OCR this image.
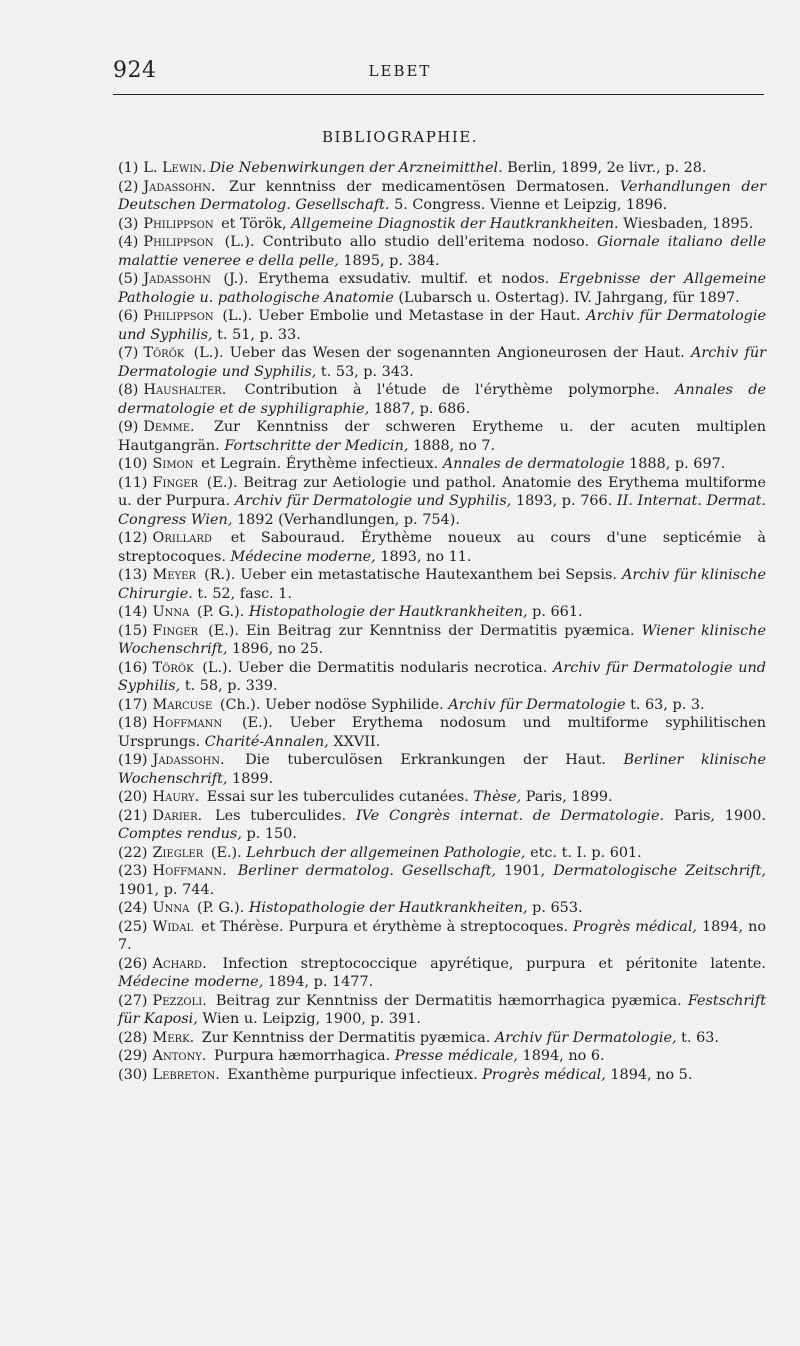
924	LEBET
BIBLIOGRAPHIE.
(1) L. Lewin. Die Nebenwirkungen der Arzneimitthel. Berlin, 1899, 2e livr., p. 28.
(2) Jadassohn. Zur kenntniss der medicamentösen Dermatosen. Verhandlungen der Deutschen Dermatolog. Gesellschaft. 5. Congress. Vienne et Leipzig, 1896.
(3) Philippson et Török, Allgemeine Diagnostik der Hautkrankheiten. Wiesbaden, 1895.
(4) Philippson (L.). Contributo allo studio dell'eritema nodoso. Giornale italiano delle malattie veneree e della pelle, 1895, p. 384.
(5) Jadassohn (J.). Erythema exsudativ. multif. et nodos. Ergebnisse der Allgemeine Pathologie u. pathologische Anatomie (Lubarsch u. Ostertag). IV. Jahrgang, für 1897.
(6) Philippson (L.). Ueber Embolie und Metastase in der Haut. Archiv für Dermatologie und Syphilis, t. 51, p. 33.
(7) Török (L.). Ueber das Wesen der sogenannten Angioneurosen der Haut. Archiv für Dermatologie und Syphilis, t. 53, p. 343.
(8) Haushalter. Contribution à l'étude de l'érythème polymorphe. Annales de dermatologie et de syphiligraphie, 1887, p. 686.
(9) Demme. Zur Kenntniss der schweren Erytheme u. der acuten multiplen Hautgangrän. Fortschritte der Medicin, 1888, no 7.
(10) Simon et Legrain. Érythème infectieux. Annales de dermatologie 1888, p. 697.
(11) Finger (E.). Beitrag zur Aetiologie und pathol. Anatomie des Erythema multiforme u. der Purpura. Archiv für Dermatologie und Syphilis, 1893, p. 766. II. Internat. Dermat. Congress Wien, 1892 (Verhandlungen, p. 754).
(12) Orillard et Sabouraud. Érythème noueux au cours d'une septicémie à streptocoques. Médecine moderne, 1893, no 11.
(13) Meyer (R.). Ueber ein metastatische Hautexanthem bei Sepsis. Archiv für klinische Chirurgie. t. 52, fasc. 1.
(14) Unna (P. G.). Histopathologie der Hautkrankheiten, p. 661.
(15) Finger (E.). Ein Beitrag zur Kenntniss der Dermatitis pyæmica. Wiener klinische Wochenschrift, 1896, no 25.
(16) Török (L.). Ueber die Dermatitis nodularis necrotica. Archiv für Dermatologie und Syphilis, t. 58, p. 339.
(17) Marcuse (Ch.). Ueber nodöse Syphilide. Archiv für Dermatologie t. 63, p. 3.
(18) Hoffmann (E.). Ueber Erythema nodosum und multiforme syphilitischen Ursprungs. Charité-Annalen, XXVII.
(19) Jadassohn. Die tuberculösen Erkrankungen der Haut. Berliner klinische Wochenschrift, 1899.
(20) Haury. Essai sur les tuberculides cutanées. Thèse, Paris, 1899.
(21) Darier. Les tuberculides. IVe Congrès internat. de Dermatologie. Paris, 1900. Comptes rendus, p. 150.
(22) Ziegler (E.). Lehrbuch der allgemeinen Pathologie, etc. t. I. p. 601.
(23) Hoffmann. Berliner dermatolog. Gesellschaft, 1901, Dermatologische Zeitschrift, 1901, p. 744.
(24) Unna (P. G.). Histopathologie der Hautkrankheiten, p. 653.
(25) Widal et Thérèse. Purpura et érythème à streptocoques. Progrès médical, 1894, no 7.
(26) Achard. Infection streptococcique apyrétique, purpura et péritonite latente. Médecine moderne, 1894, p. 1477.
(27) Pezzoli. Beitrag zur Kenntniss der Dermatitis hæmorrhagica pyæmica. Festschrift für Kaposi, Wien u. Leipzig, 1900, p. 391.
(28) Merk. Zur Kenntniss der Dermatitis pyæmica. Archiv für Dermatologie, t. 63.
(29) Antony. Purpura hæmorrhagica. Presse médicale, 1894, no 6.
(30) Lebreton. Exanthème purpurique infectieux. Progrès médical, 1894, no 5.
